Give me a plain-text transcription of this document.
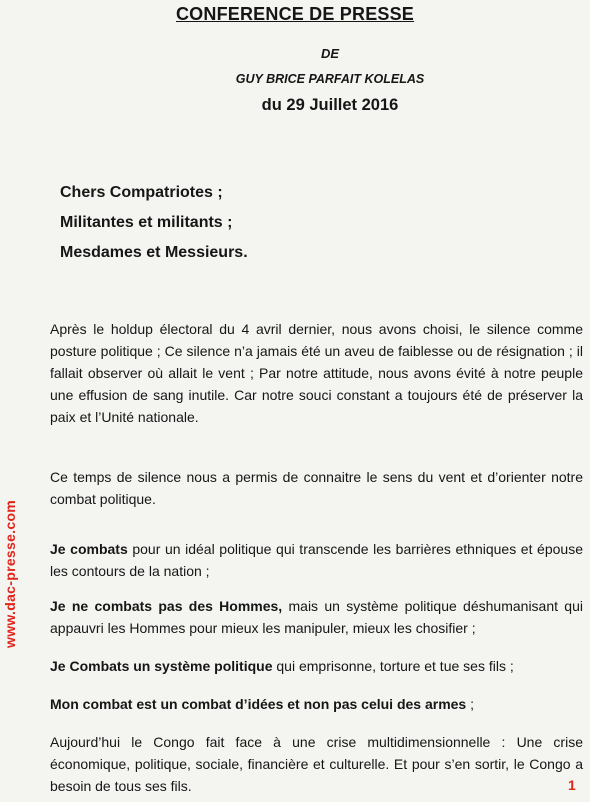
CONFERENCE DE PRESSE
DE
GUY BRICE PARFAIT KOLELAS
du 29 Juillet 2016
Chers Compatriotes ;
Militantes et militants ;
Mesdames et Messieurs.
Après le holdup électoral du 4 avril dernier, nous avons choisi, le silence comme posture politique ; Ce silence n’a jamais été un aveu de faiblesse ou de résignation ; il fallait observer où allait le vent ; Par notre attitude, nous avons évité à notre peuple une effusion de sang inutile. Car notre souci constant a toujours été de préserver la paix et l’Unité nationale.
Ce temps de silence nous a permis de connaitre le sens du vent et d’orienter notre combat politique.
Je combats pour un idéal politique qui transcende les barrières ethniques et épouse les contours de la nation ;
Je ne combats pas des Hommes, mais un système politique déshumanisant qui appauvri les Hommes pour mieux les manipuler, mieux les chosifier ;
Je Combats un système politique qui emprisonne, torture et tue ses fils ;
Mon combat est un combat d’idées et non pas celui des armes ;
Aujourd’hui le Congo fait face à une crise multidimensionnelle : Une crise économique, politique, sociale, financière et culturelle. Et pour s’en sortir, le Congo a besoin de tous ses fils.
www.dac-presse.com
1
